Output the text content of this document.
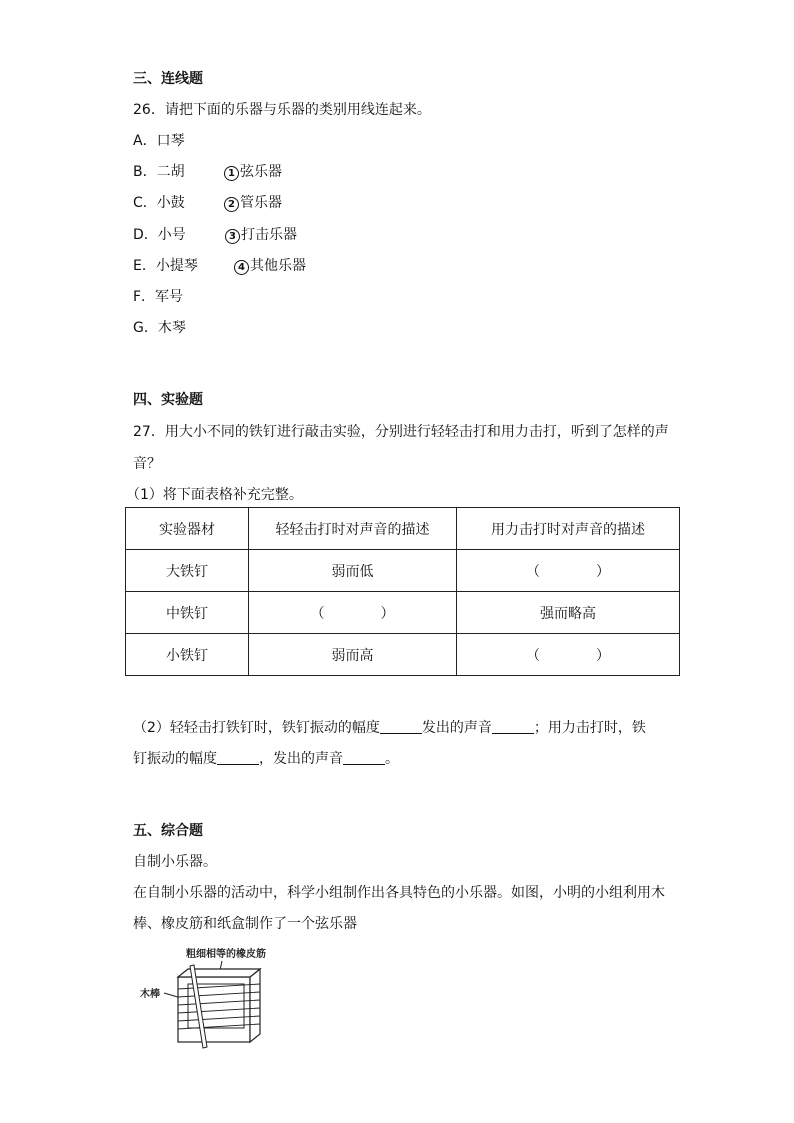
三、连线题
26．请把下面的乐器与乐器的类别用线连起来。
A．口琴
B．二胡
C．小鼓
D．小号
E．小提琴
F．军号
G．木琴
1 弦乐器
2 管乐器
3 打击乐器
4 其他乐器
四、实验题
27．用大小不同的铁钉进行敲击实验，分别进行轻轻击打和用力击打，听到了怎样的声
音？
（1）将下面表格补充完整。
实验器材	轻轻击打时对声音的描述	用力击打时对声音的描述
大铁钉	弱而低	（　　　　）
中铁钉	（　　　　）	强而略高
小铁钉	弱而高	（　　　　）
（2）轻轻击打铁钉时，铁钉振动的幅度	发出的声音	；用力击打时，铁
钉振动的幅度	，发出的声音	。
五、综合题
自制小乐器。
在自制小乐器的活动中，科学小组制作出各具特色的小乐器。如图，小明的小组利用木
棒、橡皮筋和纸盒制作了一个弦乐器
粗细相等的橡皮筋
木棒
